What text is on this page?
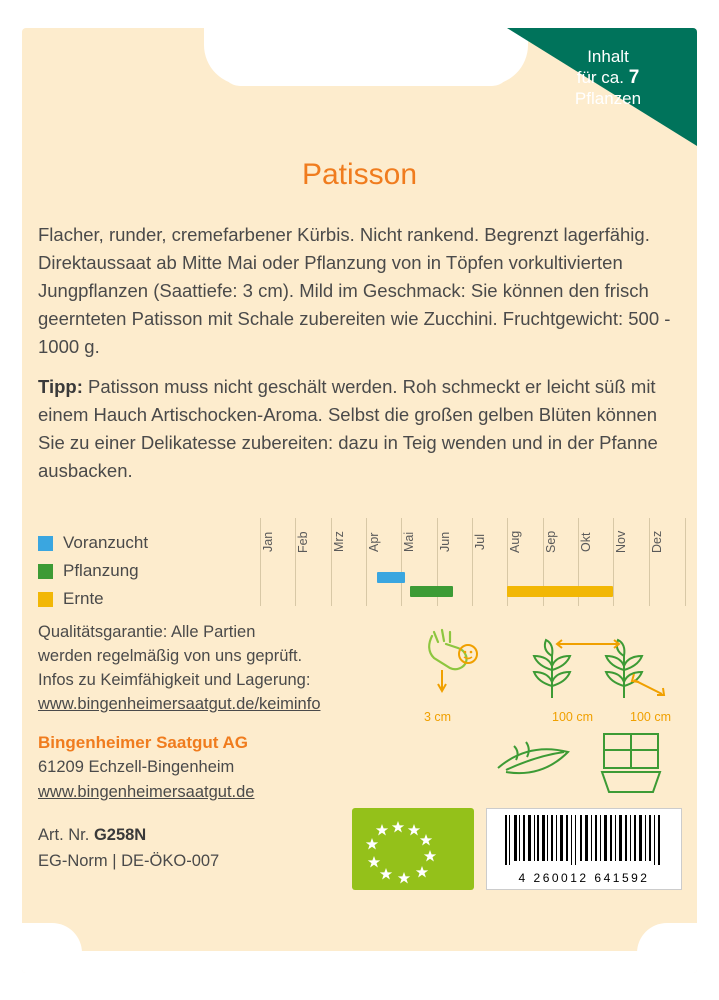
Inhalt
für ca. 7
Pflanzen
Patisson
Flacher, runder, cremefarbener Kürbis. Nicht rankend. Begrenzt lagerfähig. Direktaussaat ab Mitte Mai oder Pflanzung von in Töpfen vorkultivierten Jungpflanzen (Saattiefe: 3 cm). Mild im Geschmack: Sie können den frisch geernteten Patisson mit Schale zubereiten wie Zucchini. Fruchtgewicht: 500 - 1000 g.
Tipp: Patisson muss nicht geschält werden. Roh schmeckt er leicht süß mit einem Hauch Artischocken-Aroma. Selbst die großen gelben Blüten können Sie zu einer Delikatesse zubereiten: dazu in Teig wenden und in der Pfanne ausbacken.
Voranzucht
Pflanzung
Ernte
Jan	Feb	Mrz	Apr	Mai	Jun	Jul	Aug	Sep	Okt	Nov	Dez
Qualitätsgarantie: Alle Partien
werden regelmäßig von uns geprüft.
Infos zu Keimfähigkeit und Lagerung:
www.bingenheimersaatgut.de/keiminfo
Bingenheimer Saatgut AG
61209 Echzell-Bingenheim
www.bingenheimersaatgut.de
Art. Nr. G258N
EG-Norm | DE-ÖKO-007
3 cm	100 cm	100 cm
4 260012 641592
